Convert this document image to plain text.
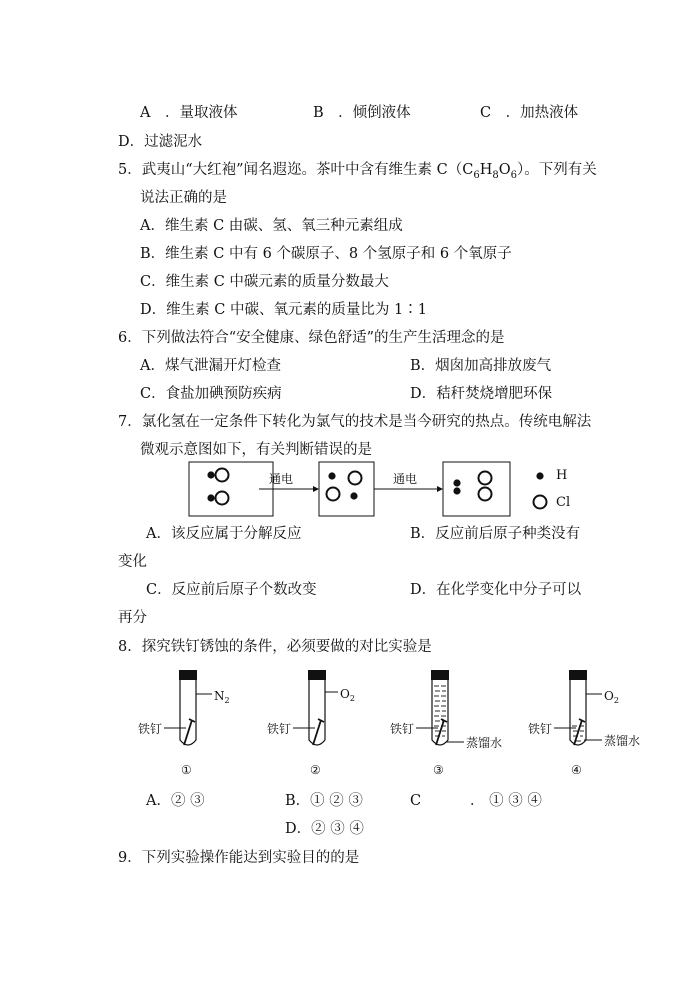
A　．量取液体	B　．倾倒液体	C　．加热液体
D．过滤泥水
5．武夷山“大红袍”闻名遐迩。茶叶中含有维生素 $C(C_6H_8O_6)$。下列有关
说法正确的是
A．维生素 C 由碳、氢、氧三种元素组成
B．维生素 C 中有 6 个碳原子、8 个氢原子和 6 个氧原子
C．维生素 C 中碳元素的质量分数最大
D．维生素 C 中碳、氧元素的质量比为 1∶1
6．下列做法符合“安全健康、绿色舒适”的生产生活理念的是
A．煤气泄漏开灯检查	B．烟囱加高排放废气
C．食盐加碘预防疾病	D．秸秆焚烧增肥环保
7．氯化氢在一定条件下转化为氯气的技术是当今研究的热点。传统电解法
微观示意图如下，有关判断错误的是
通电	通电	H
Cl
A．该反应属于分解反应	B．反应前后原子种类没有
变化
C．反应前后原子个数改变	D．在化学变化中分子可以
再分
8．探究铁钉锈蚀的条件，必须要做的对比实验是
$N_2$
铁钉
①
$O_2$
铁钉
②
铁钉
蒸馏水
③
$O_2$
铁钉
蒸馏水
④
A．② ③	B．① ② ③	C	． ① ③ ④
D．② ③ ④
9．下列实验操作能达到实验目的的是
